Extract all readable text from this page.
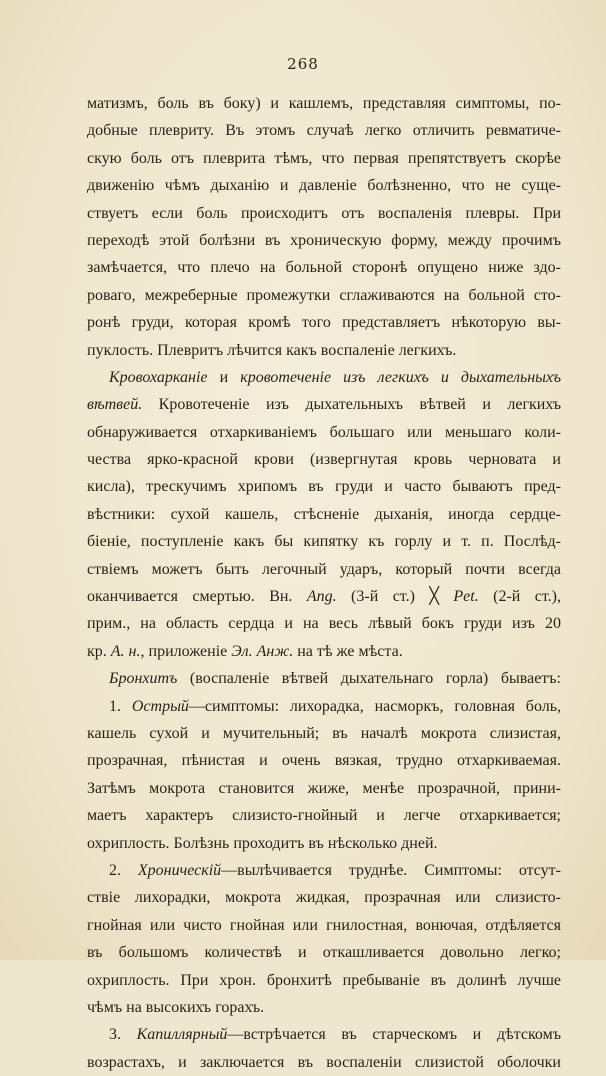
268
матизмъ, боль въ боку) и кашлемъ, представляя симптомы, по-
добные плевриту. Въ этомъ случаѣ легко отличить ревматиче-
скую боль отъ плеврита тѣмъ, что первая препятствуетъ скорѣе
движенію чѣмъ дыханію и давленіе болѣзненно, что не суще-
ствуетъ если боль происходитъ отъ воспаленія плевры. При
переходѣ этой болѣзни въ хроническую форму, между прочимъ
замѣчается, что плечо на больной сторонѣ опущено ниже здо-
роваго, межреберные промежутки сглаживаются на больной сто-
ронѣ груди, которая кромѣ того представляетъ нѣкоторую вы-
пуклость. Плевритъ лѣчится какъ воспаленіе легкихъ.
Кровохарканіе и кровотеченіе изъ легкихъ и дыхательныхъ
вѣтвей. Кровотеченіе изъ дыхательныхъ вѣтвей и легкихъ
обнаруживается отхаркиваніемъ большаго или меньшаго коли-
чества ярко-красной крови (извергнутая кровь черновата и
кисла), трескучимъ хрипомъ въ груди и часто бываютъ пред-
вѣстники: сухой кашель, стѣсненіе дыханія, иногда сердце-
біеніе, поступленіе какъ бы кипятку къ горлу и т. п. Послѣд-
ствіемъ можетъ быть легочный ударъ, который почти всегда
оканчивается смертью. Вн. Ang. (3-й ст.) ╳ Pet. (2-й ст.),
прим., на область сердца и на весь лѣвый бокъ груди изъ 20
кр. А. н., приложеніе Эл. Анж. на тѣ же мѣста.
Бронхитъ (воспаленіе вѣтвей дыхательнаго горла) бываетъ:
1. Острый—симптомы: лихорадка, насморкъ, головная боль,
кашель сухой и мучительный; въ началѣ мокрота слизистая,
прозрачная, пѣнистая и очень вязкая, трудно отхаркиваемая.
Затѣмъ мокрота становится жиже, менѣе прозрачной, прини-
маетъ характеръ слизисто-гнойный и легче отхаркивается;
охриплость. Болѣзнь проходитъ въ нѣсколько дней.
2. Хроническій—вылѣчивается труднѣе. Симптомы: отсут-
ствіе лихорадки, мокрота жидкая, прозрачная или слизисто-
гнойная или чисто гнойная или гнилостная, вонючая, отдѣляется
въ большомъ количествѣ и откашливается довольно легко;
охриплость. При хрон. бронхитѣ пребываніе въ долинѣ лучше
чѣмъ на высокихъ горахъ.
3. Капиллярный—встрѣчается въ старческомъ и дѣтскомъ
возрастахъ, и заключается въ воспаленіи слизистой оболочки
